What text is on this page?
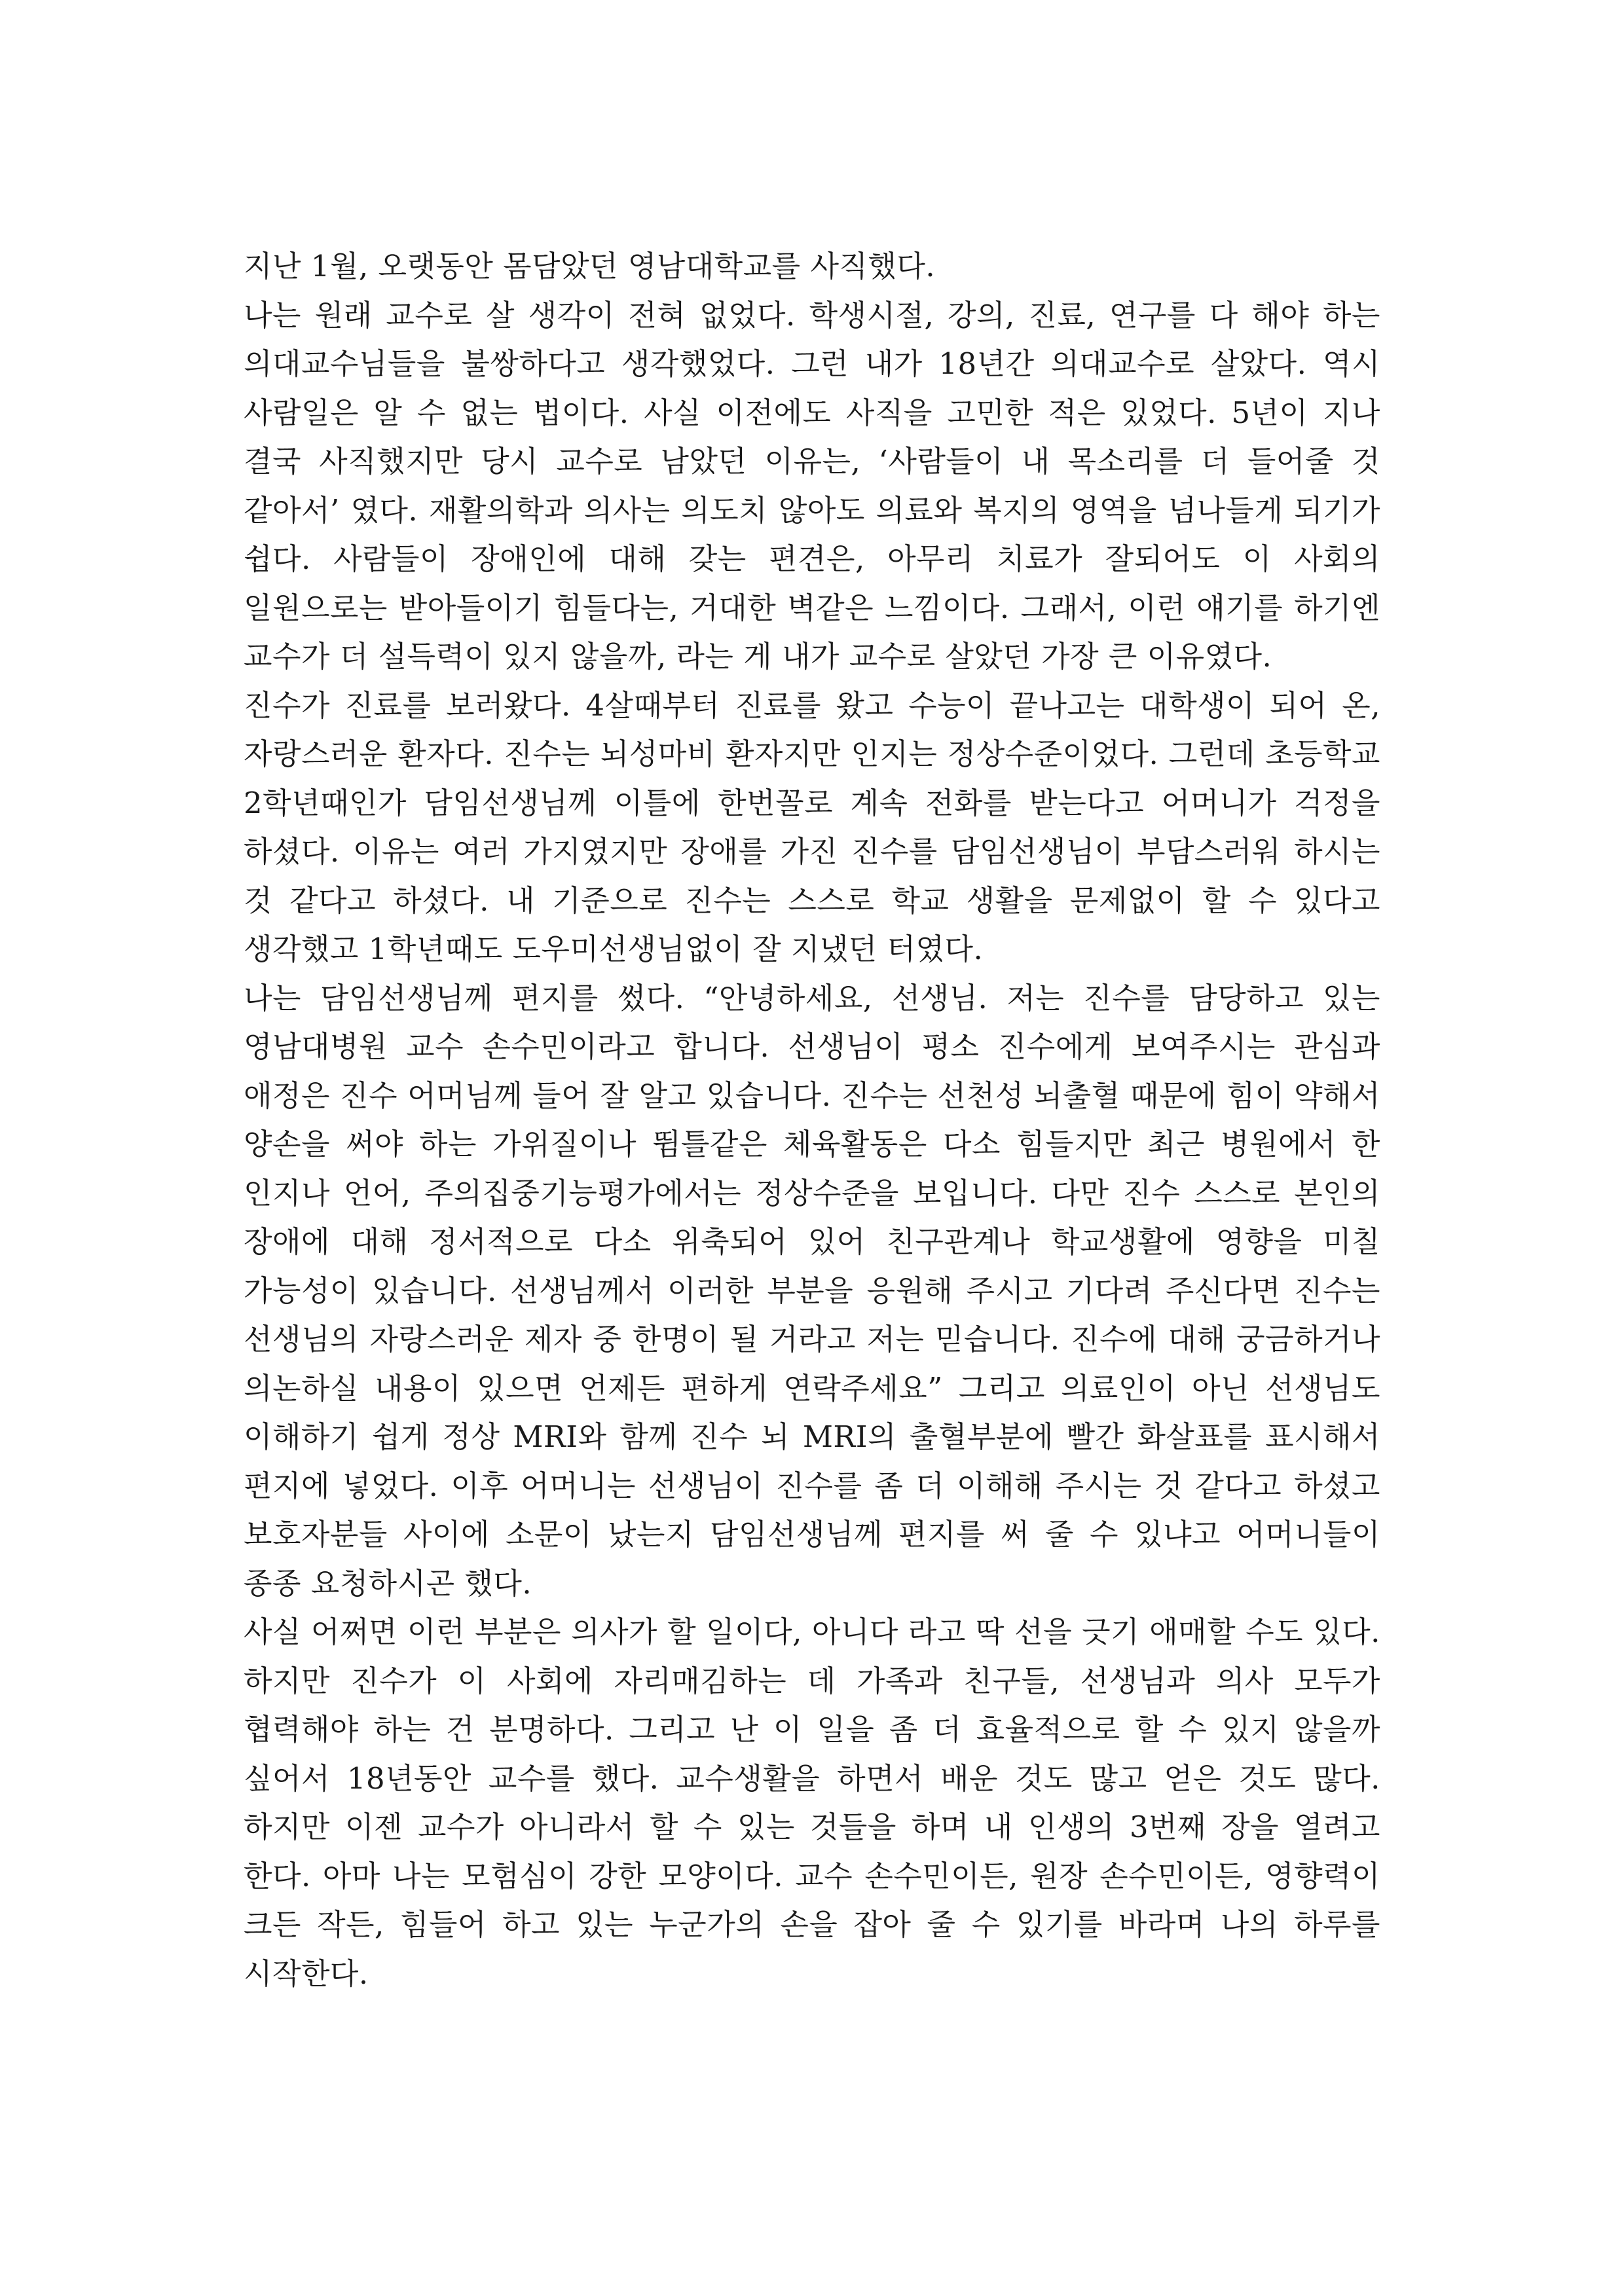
지난 1월, 오랫동안 몸담았던 영남대학교를 사직했다.

나는 원래 교수로 살 생각이 전혀 없었다. 학생시절, 강의, 진료, 연구를 다 해야 하는 의대교수님들을 불쌍하다고 생각했었다. 그런 내가 18년간 의대교수로 살았다. 역시 사람일은 알 수 없는 법이다. 사실 이전에도 사직을 고민한 적은 있었다. 5년이 지나 결국 사직했지만 당시 교수로 남았던 이유는, ‘사람들이 내 목소리를 더 들어줄 것 같아서’ 였다. 재활의학과 의사는 의도치 않아도 의료와 복지의 영역을 넘나들게 되기가 쉽다. 사람들이 장애인에 대해 갖는 편견은, 아무리 치료가 잘되어도 이 사회의 일원으로는 받아들이기 힘들다는, 거대한 벽같은 느낌이다. 그래서, 이런 얘기를 하기엔 교수가 더 설득력이 있지 않을까, 라는 게 내가 교수로 살았던 가장 큰 이유였다.

진수가 진료를 보러왔다. 4살때부터 진료를 왔고 수능이 끝나고는 대학생이 되어 온, 자랑스러운 환자다. 진수는 뇌성마비 환자지만 인지는 정상수준이었다. 그런데 초등학교 2학년때인가 담임선생님께 이틀에 한번꼴로 계속 전화를 받는다고 어머니가 걱정을 하셨다. 이유는 여러 가지였지만 장애를 가진 진수를 담임선생님이 부담스러워 하시는 것 같다고 하셨다. 내 기준으로 진수는 스스로 학교 생활을 문제없이 할 수 있다고 생각했고 1학년때도 도우미선생님없이 잘 지냈던 터였다.

나는 담임선생님께 편지를 썼다. “안녕하세요, 선생님. 저는 진수를 담당하고 있는 영남대병원 교수 손수민이라고 합니다. 선생님이 평소 진수에게 보여주시는 관심과 애정은 진수 어머님께 들어 잘 알고 있습니다. 진수는 선천성 뇌출혈 때문에 힘이 약해서 양손을 써야 하는 가위질이나 뜀틀같은 체육활동은 다소 힘들지만 최근 병원에서 한 인지나 언어, 주의집중기능평가에서는 정상수준을 보입니다. 다만 진수 스스로 본인의 장애에 대해 정서적으로 다소 위축되어 있어 친구관계나 학교생활에 영향을 미칠 가능성이 있습니다. 선생님께서 이러한 부분을 응원해 주시고 기다려 주신다면 진수는 선생님의 자랑스러운 제자 중 한명이 될 거라고 저는 믿습니다. 진수에 대해 궁금하거나 의논하실 내용이 있으면 언제든 편하게 연락주세요” 그리고 의료인이 아닌 선생님도 이해하기 쉽게 정상 MRI와 함께 진수 뇌 MRI의 출혈부분에 빨간 화살표를 표시해서 편지에 넣었다. 이후 어머니는 선생님이 진수를 좀 더 이해해 주시는 것 같다고 하셨고 보호자분들 사이에 소문이 났는지 담임선생님께 편지를 써 줄 수 있냐고 어머니들이 종종 요청하시곤 했다.

사실 어쩌면 이런 부분은 의사가 할 일이다, 아니다 라고 딱 선을 긋기 애매할 수도 있다. 하지만 진수가 이 사회에 자리매김하는 데 가족과 친구들, 선생님과 의사 모두가 협력해야 하는 건 분명하다. 그리고 난 이 일을 좀 더 효율적으로 할 수 있지 않을까 싶어서 18년동안 교수를 했다. 교수생활을 하면서 배운 것도 많고 얻은 것도 많다. 하지만 이젠 교수가 아니라서 할 수 있는 것들을 하며 내 인생의 3번째 장을 열려고 한다. 아마 나는 모험심이 강한 모양이다. 교수 손수민이든, 원장 손수민이든, 영향력이 크든 작든, 힘들어 하고 있는 누군가의 손을 잡아 줄 수 있기를 바라며 나의 하루를 시작한다.
